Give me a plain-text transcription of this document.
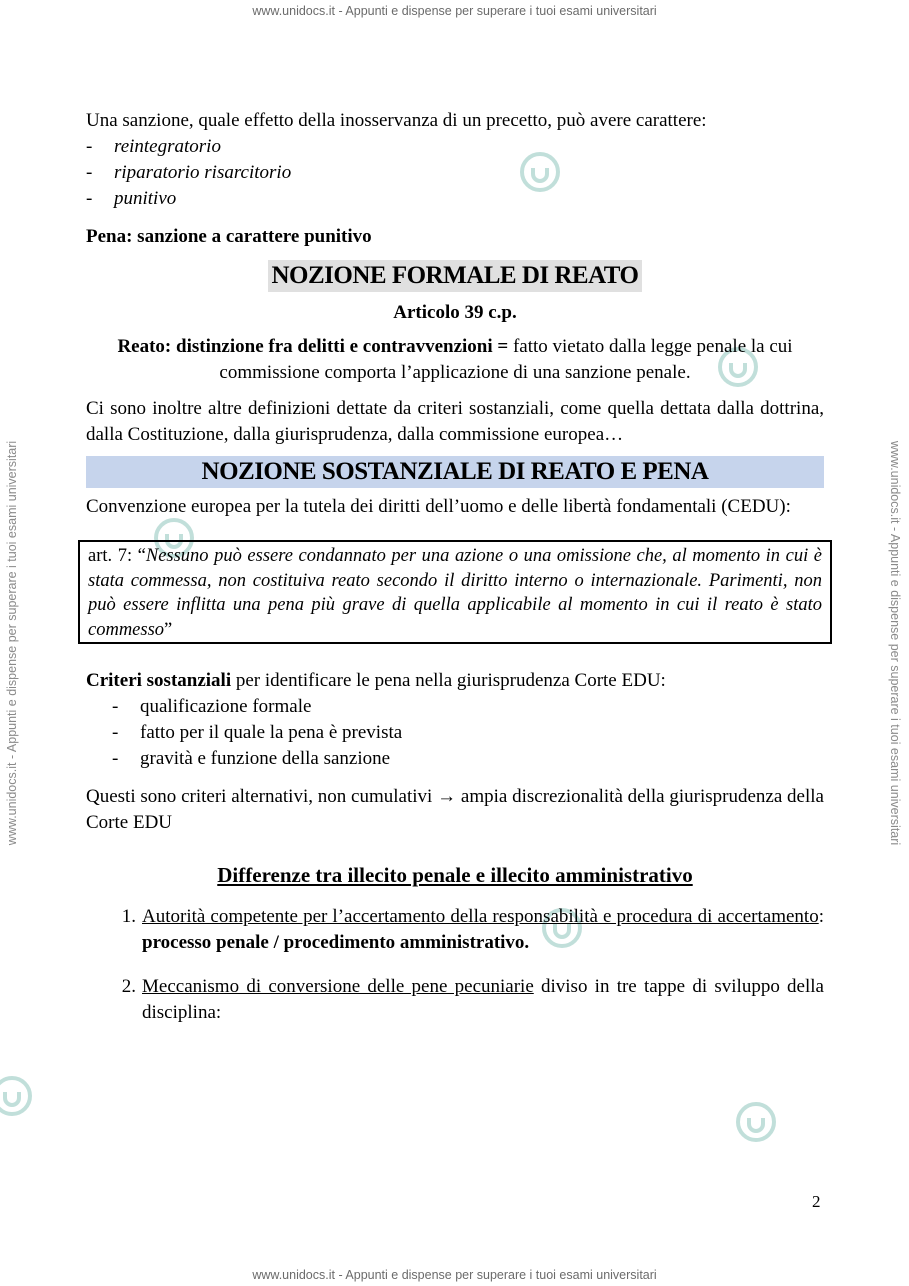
www.unidocs.it - Appunti e dispense per superare i tuoi esami universitari
www.unidocs.it - Appunti e dispense per superare i tuoi esami universitari
www.unidocs.it - Appunti e dispense per superare i tuoi esami universitari	www.unidocs.it - Appunti e dispense per superare i tuoi esami universitari

Una sanzione, quale effetto della inosservanza di un precetto, può avere carattere:

-	reintegratorio
-	riparatorio risarcitorio
-	punitivo

Pena: sanzione a carattere punitivo

NOZIONE FORMALE DI REATO

Articolo 39 c.p.

Reato: distinzione fra delitti e contravvenzioni = fatto vietato dalla legge penale la cui commissione comporta l’applicazione di una sanzione penale.

Ci sono inoltre altre definizioni dettate da criteri sostanziali, come quella dettata dalla dottrina, dalla Costituzione, dalla giurisprudenza, dalla commissione europea…

NOZIONE SOSTANZIALE DI REATO E PENA

Convenzione europea per la tutela dei diritti dell’uomo e delle libertà fondamentali (CEDU):

art. 7: “Nessuno può essere condannato per una azione o una omissione che, al momento in cui è stata commessa, non costituiva reato secondo il diritto interno o internazionale. Parimenti, non può essere inflitta una pena più grave di quella applicabile al momento in cui il reato è stato commesso”

Criteri sostanziali per identificare le pena nella giurisprudenza Corte EDU:

-	qualificazione formale
-	fatto per il quale la pena è prevista
-	gravità e funzione della sanzione

Questi sono criteri alternativi, non cumulativi → ampia discrezionalità della giurisprudenza della Corte EDU

Differenze tra illecito penale e illecito amministrativo
1. Autorità competente per l’accertamento della responsabilità e procedura di accertamento: processo penale / procedimento amministrativo.
2. Meccanismo di conversione delle pene pecuniarie diviso in tre tappe di sviluppo della disciplina:
2
